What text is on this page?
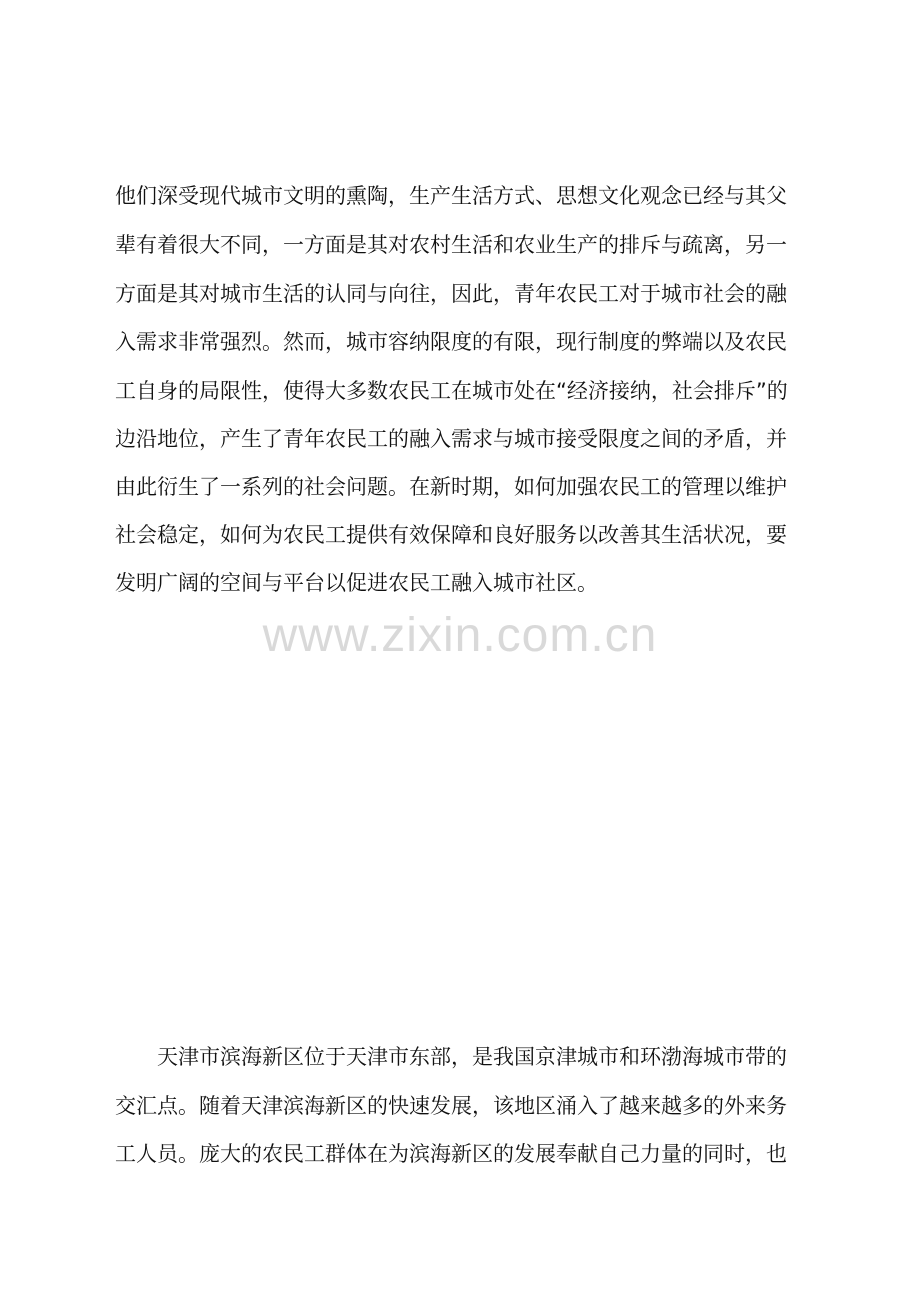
他们深受现代城市文明的熏陶，生产生活方式、思想文化观念已经与其父
辈有着很大不同，一方面是其对农村生活和农业生产的排斥与疏离，另一
方面是其对城市生活的认同与向往，因此，青年农民工对于城市社会的融
入需求非常强烈。然而，城市容纳限度的有限，现行制度的弊端以及农民
工自身的局限性，使得大多数农民工在城市处在“经济接纳，社会排斥”的
边沿地位，产生了青年农民工的融入需求与城市接受限度之间的矛盾，并
由此衍生了一系列的社会问题。在新时期，如何加强农民工的管理以维护
社会稳定，如何为农民工提供有效保障和良好服务以改善其生活状况，要
发明广阔的空间与平台以促进农民工融入城市社区。
www.zixin.com.cn
天津市滨海新区位于天津市东部，是我国京津城市和环渤海城市带的
交汇点。随着天津滨海新区的快速发展，该地区涌入了越来越多的外来务
工人员。庞大的农民工群体在为滨海新区的发展奉献自己力量的同时，也
